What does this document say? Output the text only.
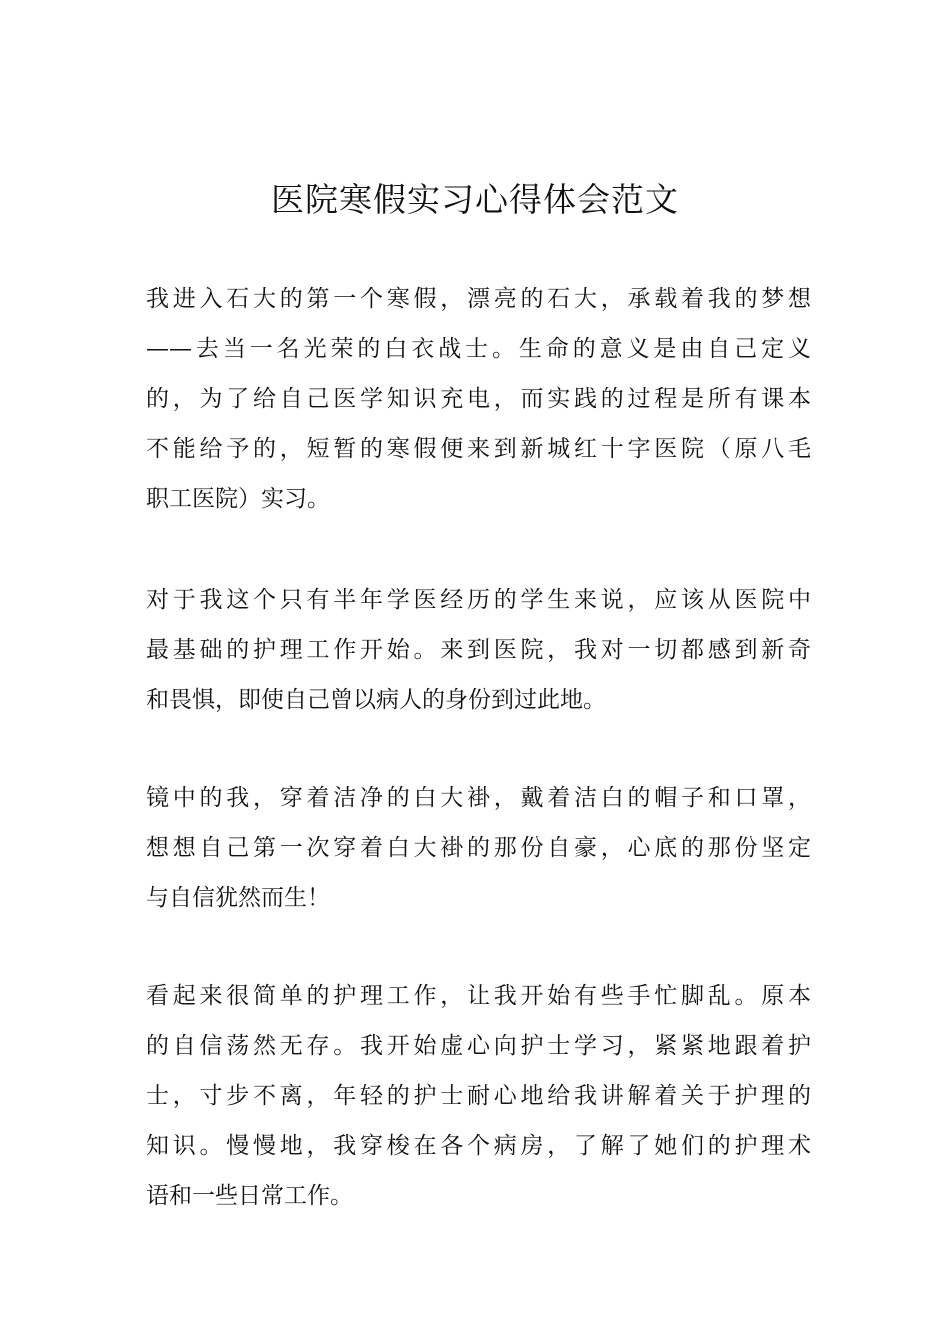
医院寒假实习心得体会范文
我进入石大的第一个寒假，漂亮的石大，承载着我的梦想
——去当一名光荣的白衣战士。生命的意义是由自己定义
的，为了给自己医学知识充电，而实践的过程是所有课本
不能给予的，短暂的寒假便来到新城红十字医院（原八毛
职工医院）实习。
对于我这个只有半年学医经历的学生来说，应该从医院中
最基础的护理工作开始。来到医院，我对一切都感到新奇
和畏惧，即使自己曾以病人的身份到过此地。
镜中的我，穿着洁净的白大褂，戴着洁白的帽子和口罩，
想想自己第一次穿着白大褂的那份自豪，心底的那份坚定
与自信犹然而生！
看起来很简单的护理工作，让我开始有些手忙脚乱。原本
的自信荡然无存。我开始虚心向护士学习，紧紧地跟着护
士，寸步不离，年轻的护士耐心地给我讲解着关于护理的
知识。慢慢地，我穿梭在各个病房，了解了她们的护理术
语和一些日常工作。
